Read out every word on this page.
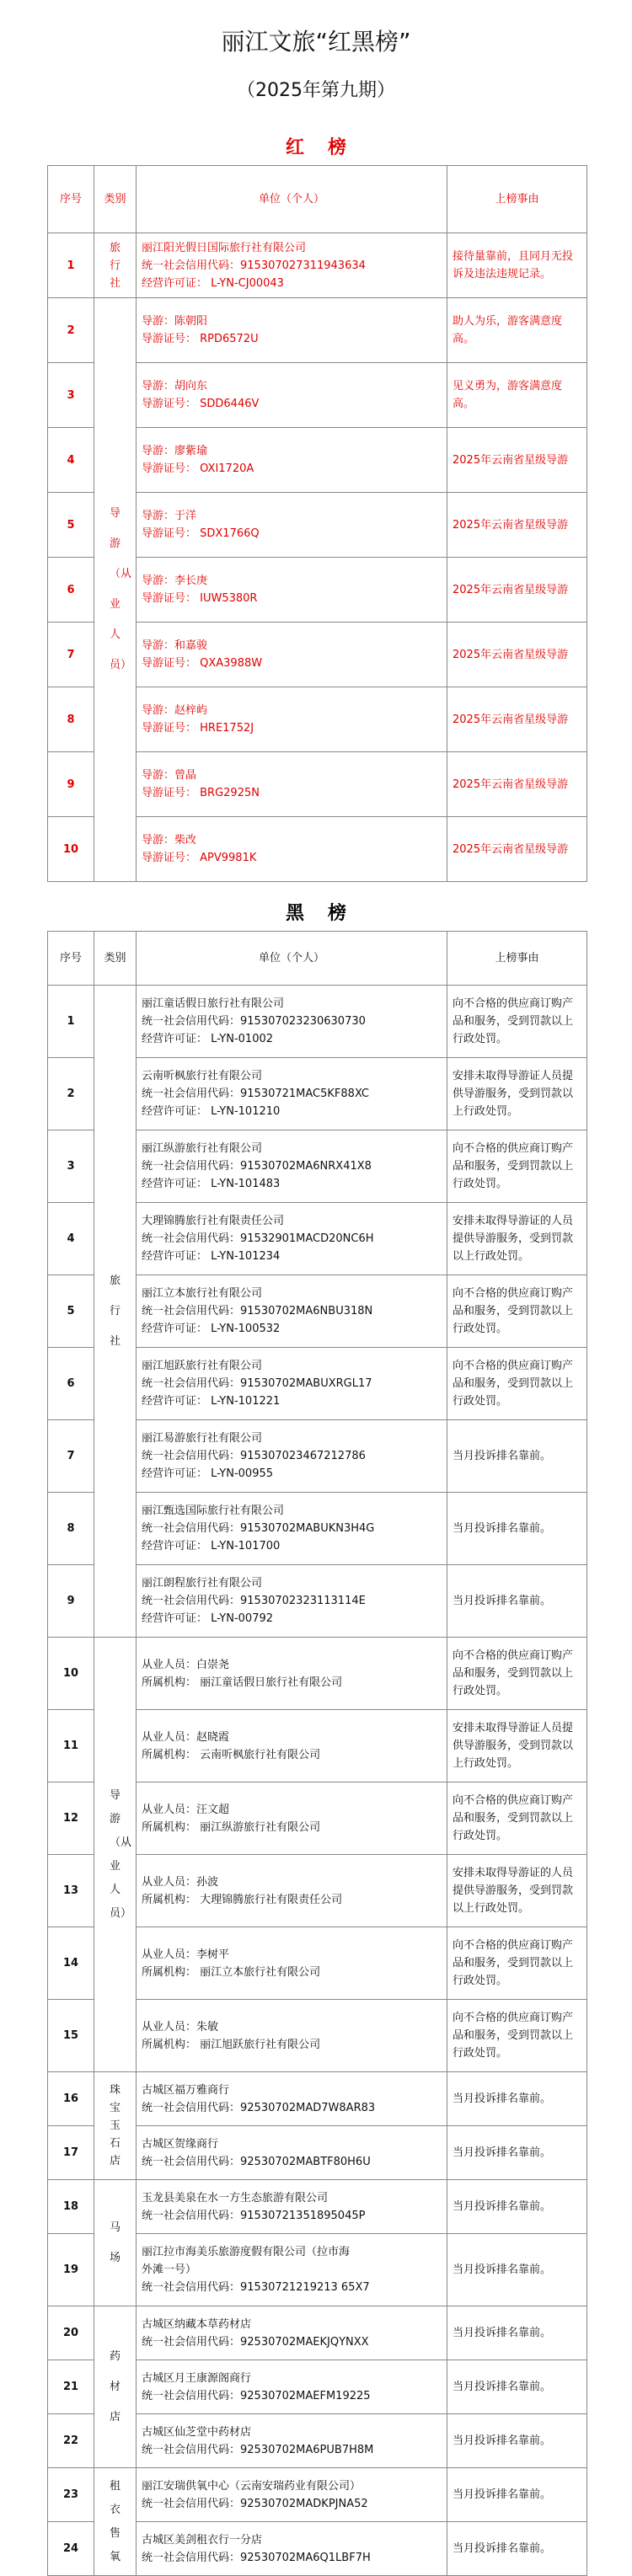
丽江文旅“红黑榜”
（2025年第九期）
红榜
序号	类别	单位（个人）	上榜事由
1	旅行社	丽江阳光假日国际旅行社有限公司
统一社会信用代码：915307027311943634
经营许可证： L-YN-CJ00043	接待量靠前，且同月无投诉及违法违规记录。

2	导游（从业人员）	导游：陈朝阳
导游证号： RPD6572U	助人为乐，游客满意度高。

3		导游：胡向东
导游证号： SDD6446V	见义勇为，游客满意度高。

4		导游：廖紫瑜
导游证号： OXI1720A	2025年云南省星级导游

5		导游：于洋
导游证号： SDX1766Q	2025年云南省星级导游

6		导游：李长庚
导游证号： IUW5380R	2025年云南省星级导游

7		导游：和嘉骏
导游证号： QXA3988W	2025年云南省星级导游

8		导游：赵梓屿
导游证号： HRE1752J	2025年云南省星级导游

9		导游：曾晶
导游证号： BRG2925N	2025年云南省星级导游

10		导游：柴改
导游证号： APV9981K	2025年云南省星级导游
黑榜
序号	类别	单位（个人）	上榜事由
1	旅行社	丽江童话假日旅行社有限公司
统一社会信用代码：915307023230630730
经营许可证： L-YN-01002	向不合格的供应商订购产品和服务，受到罚款以上行政处罚。

2		云南听枫旅行社有限公司
统一社会信用代码：91530721MAC5KF88XC
经营许可证： L-YN-101210	安排未取得导游证人员提供导游服务，受到罚款以上行政处罚。

3		丽江纵游旅行社有限公司
统一社会信用代码：91530702MA6NRX41X8
经营许可证： L-YN-101483	向不合格的供应商订购产品和服务，受到罚款以上行政处罚。

4		大理锦腾旅行社有限责任公司
统一社会信用代码：91532901MACD20NC6H
经营许可证： L-YN-101234	安排未取得导游证的人员提供导游服务，受到罚款以上行政处罚。

5		丽江立本旅行社有限公司
统一社会信用代码：91530702MA6NBU318N
经营许可证： L-YN-100532	向不合格的供应商订购产品和服务，受到罚款以上行政处罚。

6		丽江旭跃旅行社有限公司
统一社会信用代码：91530702MABUXRGL17
经营许可证： L-YN-101221	向不合格的供应商订购产品和服务，受到罚款以上行政处罚。

7		丽江易游旅行社有限公司
统一社会信用代码：915307023467212786
经营许可证： L-YN-00955	当月投诉排名靠前。

8		丽江甄选国际旅行社有限公司
统一社会信用代码：91530702MABUKN3H4G
经营许可证： L-YN-101700	当月投诉排名靠前。

9		丽江朗程旅行社有限公司
统一社会信用代码：91530702323113114E
经营许可证： L-YN-00792	当月投诉排名靠前。

10	导游（从业人员）	从业人员：白崇尧
所属机构： 丽江童话假日旅行社有限公司	向不合格的供应商订购产品和服务，受到罚款以上行政处罚。

11		从业人员：赵晓霞
所属机构： 云南听枫旅行社有限公司	安排未取得导游证人员提供导游服务，受到罚款以上行政处罚。

12		从业人员：汪文超
所属机构： 丽江纵游旅行社有限公司	向不合格的供应商订购产品和服务，受到罚款以上行政处罚。

13		从业人员：孙波
所属机构： 大理锦腾旅行社有限责任公司	安排未取得导游证的人员提供导游服务，受到罚款以上行政处罚。

14		从业人员：李树平
所属机构： 丽江立本旅行社有限公司	向不合格的供应商订购产品和服务，受到罚款以上行政处罚。

15		从业人员：朱敏
所属机构： 丽江旭跃旅行社有限公司	向不合格的供应商订购产品和服务，受到罚款以上行政处罚。

16	珠宝玉石店	古城区福万雅商行
统一社会信用代码：92530702MAD7W8AR83	当月投诉排名靠前。

17		古城区贺缘商行
统一社会信用代码：92530702MABTF80H6U	当月投诉排名靠前。

18	马场	玉龙县美泉在水一方生态旅游有限公司
统一社会信用代码：91530721351895045P	当月投诉排名靠前。

19		丽江拉市海美乐旅游度假有限公司（拉市海
外滩一号）
统一社会信用代码：91530721219213 65X7	当月投诉排名靠前。

20	药材店	古城区纳藏本草药材店
统一社会信用代码：92530702MAEKJQYNXX	当月投诉排名靠前。

21		古城区月王康源阁商行
统一社会信用代码：92530702MAEFM19225	当月投诉排名靠前。

22		古城区仙芝堂中药材店
统一社会信用代码：92530702MA6PUB7H8M	当月投诉排名靠前。

23	租衣售氧	丽江安瑞供氧中心（云南安瑞药业有限公司）
统一社会信用代码：92530702MADKPJNA52	当月投诉排名靠前。

24		古城区美剑租衣行一分店
统一社会信用代码：92530702MA6Q1LBF7H	当月投诉排名靠前。
